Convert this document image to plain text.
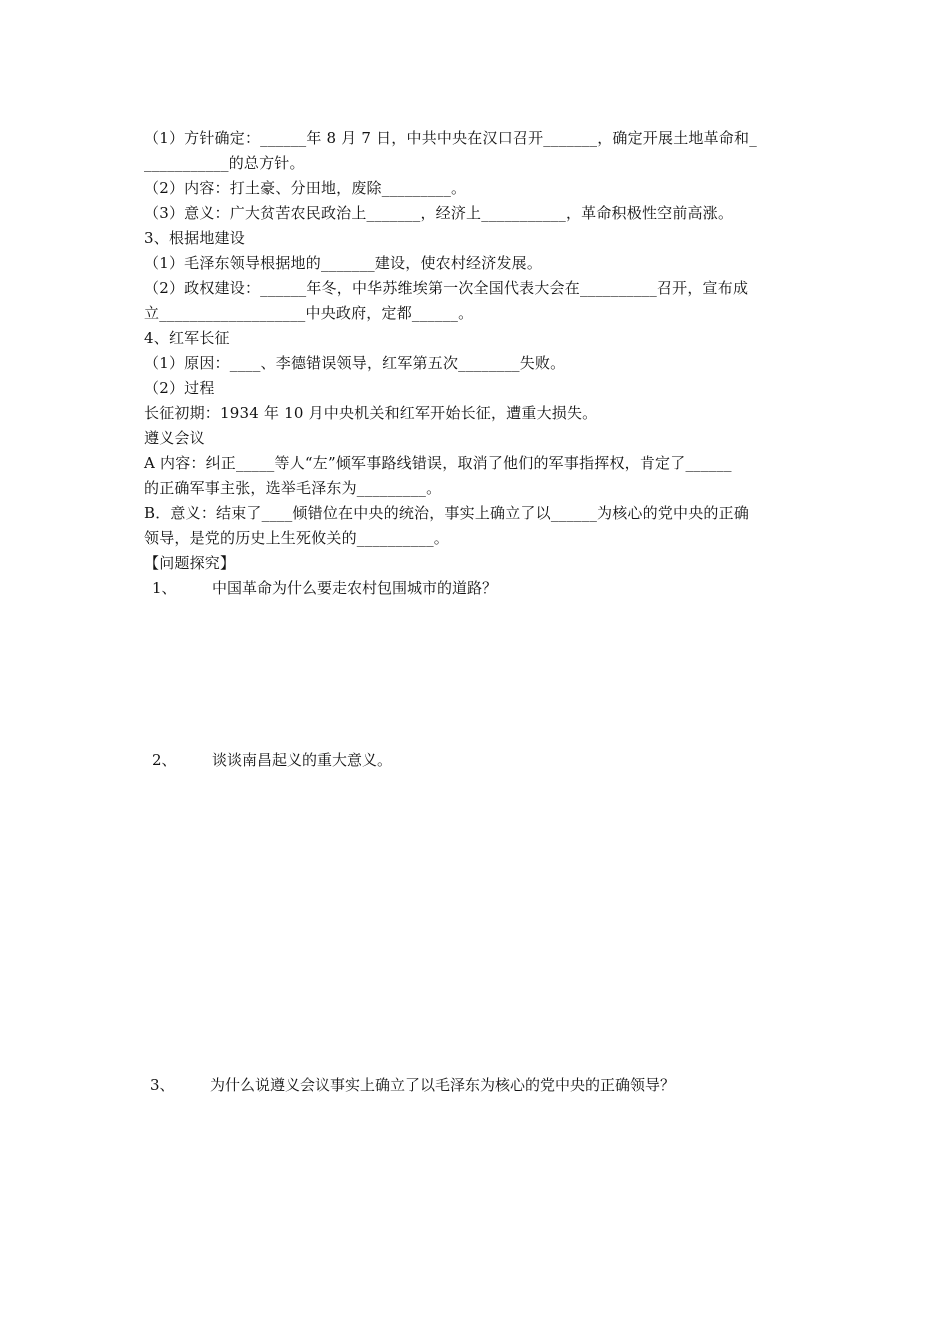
（1）方针确定：______年 8 月 7 日，中共中央在汉口召开_______，确定开展土地革命和_
___________的总方针。
（2）内容：打土豪、分田地，废除_________。
（3）意义：广大贫苦农民政治上_______，经济上___________，革命积极性空前高涨。
3、根据地建设
（1）毛泽东领导根据地的_______建设，使农村经济发展。
（2）政权建设：______年冬，中华苏维埃第一次全国代表大会在__________召开，宣布成
立___________________中央政府，定都______。
4、红军长征
（1）原因：____、李德错误领导，红军第五次________失败。
（2）过程
长征初期：1934 年 10 月中央机关和红军开始长征，遭重大损失。
遵义会议
A 内容：纠正_____等人“左”倾军事路线错误，取消了他们的军事指挥权，肯定了______
的正确军事主张，选举毛泽东为_________。
B．意义：结束了____倾错位在中央的统治，事实上确立了以______为核心的党中央的正确
领导，是党的历史上生死攸关的__________。
【问题探究】
1、 中国革命为什么要走农村包围城市的道路？
2、 谈谈南昌起义的重大意义。
3、 为什么说遵义会议事实上确立了以毛泽东为核心的党中央的正确领导？
